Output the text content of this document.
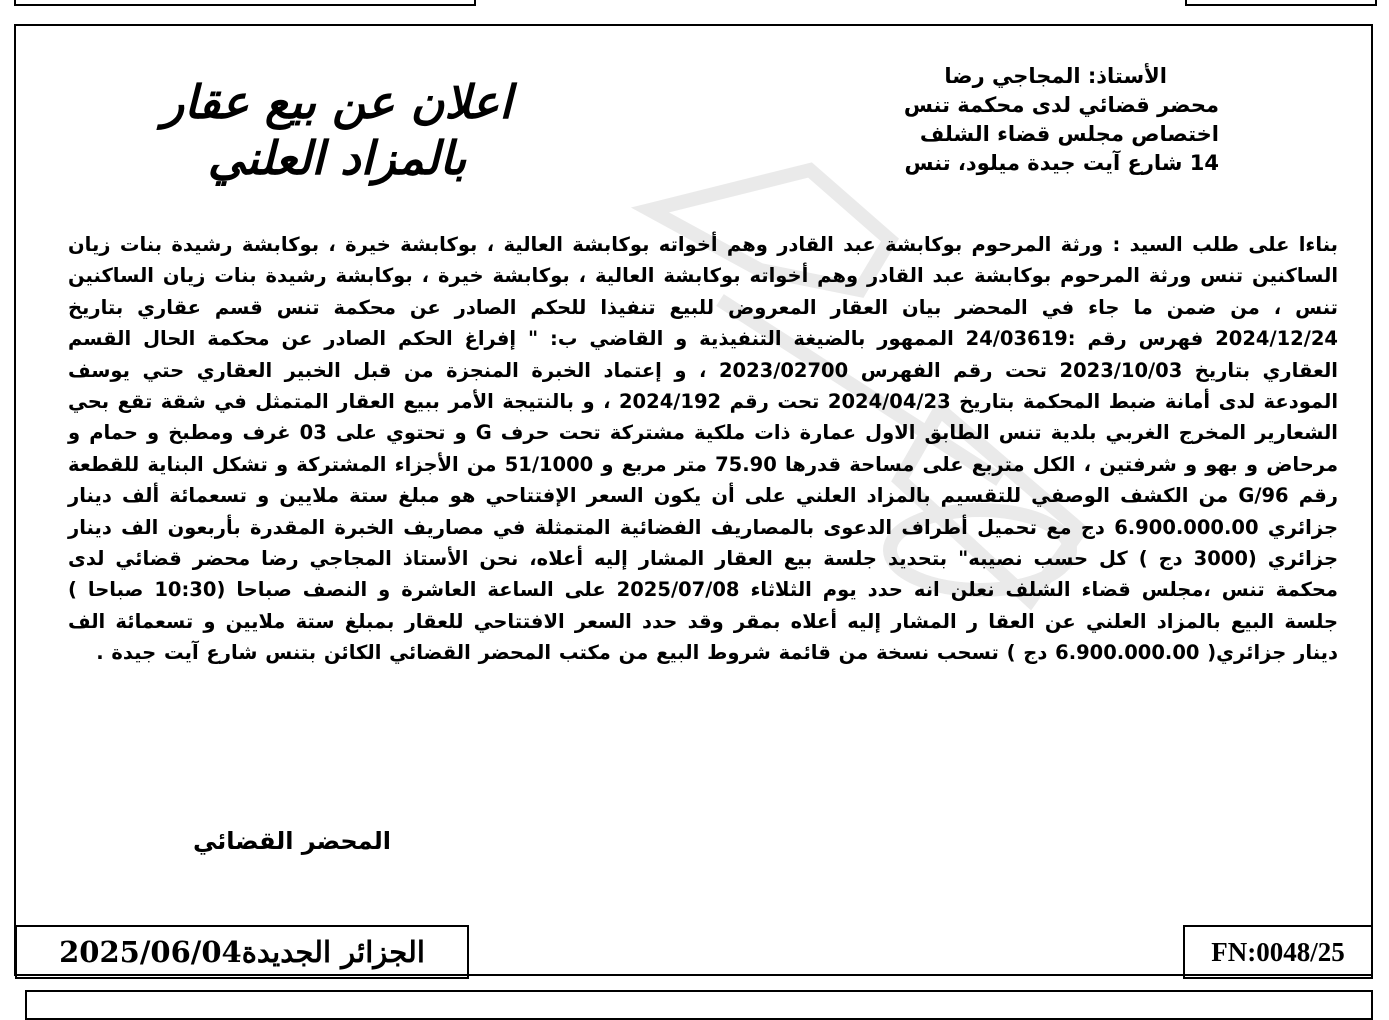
اعلان عن بيع عقار
بالمزاد العلني
الأستاذ: المجاجي رضا
محضر قضائي لدى محكمة تنس
اختصاص مجلس قضاء الشلف
14 شارع آيت جيدة ميلود، تنس
بناءا على طلب السيد : ورثة المرحوم بوكابشة عبد القادر وهم أخواته بوكابشة العالية ، بوكابشة خيرة ، بوكابشة رشيدة بنات زيان الساكنين تنس ورثة المرحوم بوكابشة عبد القادر وهم أخواته بوكابشة العالية ، بوكابشة خيرة ، بوكابشة رشيدة بنات زيان الساكنين تنس ، من ضمن ما جاء في المحضر بيان العقار المعروض للبيع تنفيذا للحكم الصادر عن محكمة تنس قسم عقاري بتاريخ 2024/12/24 فهرس رقم :24/03619 الممهور بالضيغة التنفيذية و القاضي ب: " إفراغ الحكم الصادر عن محكمة الحال القسم العقاري بتاريخ 2023/10/03 تحت رقم الفهرس 2023/02700 ، و إعتماد الخبرة المنجزة من قبل الخبير العقاري حتي يوسف المودعة لدى أمانة ضبط المحكمة بتاريخ 2024/04/23 تحت رقم 2024/192 ، و بالنتيجة الأمر ببيع العقار المتمثل في شقة تقع بحي الشعارير المخرج الغربي بلدية تنس الطابق الاول عمارة ذات ملكية مشتركة تحت حرف G و تحتوي على 03 غرف ومطبخ و حمام و مرحاض و بهو و شرفتين ، الكل متربع على مساحة قدرها 75.90 متر مربع و 51/1000 من الأجزاء المشتركة و تشكل البناية للقطعة رقم G/96 من الكشف الوصفي للتقسيم بالمزاد العلني على أن يكون السعر الإفتتاحي هو مبلغ ستة ملايين و تسعمائة ألف دينار جزائري 6.900.000.00 دج مع تحميل أطراف الدعوى بالمصاريف الفضائية المتمثلة في مصاريف الخبرة المقدرة بأربعون الف دينار جزائري (3000 دج ) كل حسب نصيبه" بتحديد جلسة بيع العقار المشار إليه أعلاه، نحن الأستاذ المجاجي رضا محضر قضائي لدى محكمة تنس ،مجلس قضاء الشلف نعلن انه حدد يوم الثلاثاء 2025/07/08 على الساعة العاشرة و النصف صباحا (10:30 صباحا ) جلسة البيع بالمزاد العلني عن العقا ر المشار إليه أعلاه بمقر وقد حدد السعر الافتتاحي للعقار بمبلغ ستة ملايين و تسعمائة الف دينار جزائري( 6.900.000.00 دج ) تسحب نسخة من قائمة شروط البيع من مكتب المحضر القضائي الكائن بتنس شارع آيت جيدة .
المحضر القضائي
الجزائر الجديدة
2025/06/04	FN:0048/25
